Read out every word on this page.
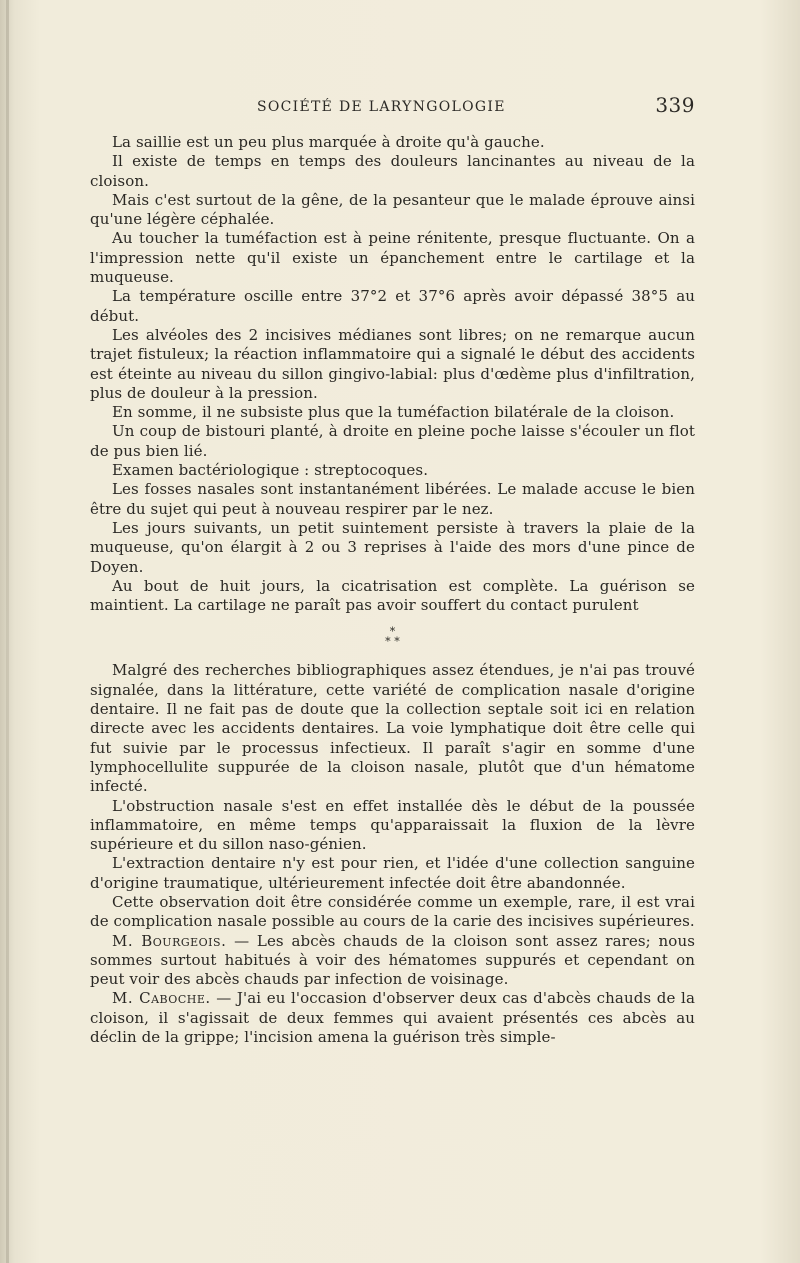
SOCIÉTÉ DE LARYNGOLOGIE	339

La saillie est un peu plus marquée à droite qu'à gauche.

Il existe de temps en temps des douleurs lancinantes au niveau de la cloison.

Mais c'est surtout de la gêne, de la pesanteur que le malade éprouve ainsi qu'une légère céphalée.

Au toucher la tuméfaction est à peine rénitente, presque fluctuante. On a l'impression nette qu'il existe un épanchement entre le cartilage et la muqueuse.

La température oscille entre 37°2 et 37°6 après avoir dépassé 38°5 au début.

Les alvéoles des 2 incisives médianes sont libres; on ne remarque aucun trajet fistuleux; la réaction inflammatoire qui a signalé le début des accidents est éteinte au niveau du sillon gingivo-labial: plus d'œdème plus d'infiltration, plus de douleur à la pression.

En somme, il ne subsiste plus que la tuméfaction bilatérale de la cloison.

Un coup de bistouri planté, à droite en pleine poche laisse s'écouler un flot de pus bien lié.

Examen bactériologique : streptocoques.

Les fosses nasales sont instantanément libérées. Le malade accuse le bien être du sujet qui peut à nouveau respirer par le nez.

Les jours suivants, un petit suintement persiste à travers la plaie de la muqueuse, qu'on élargit à 2 ou 3 reprises à l'aide des mors d'une pince de Doyen.

Au bout de huit jours, la cicatrisation est complète. La guérison se maintient. La cartilage ne paraît pas avoir souffert du contact purulent

*
* *

Malgré des recherches bibliographiques assez étendues, je n'ai pas trouvé signalée, dans la littérature, cette variété de complication nasale d'origine dentaire. Il ne fait pas de doute que la collection septale soit ici en relation directe avec les accidents dentaires. La voie lymphatique doit être celle qui fut suivie par le processus infectieux. Il paraît s'agir en somme d'une lymphocellulite suppurée de la cloison nasale, plutôt que d'un hématome infecté.

L'obstruction nasale s'est en effet installée dès le début de la poussée inflammatoire, en même temps qu'apparaissait la fluxion de la lèvre supérieure et du sillon naso-génien.

L'extraction dentaire n'y est pour rien, et l'idée d'une collection sanguine d'origine traumatique, ultérieurement infectée doit être abandonnée.

Cette observation doit être considérée comme un exemple, rare, il est vrai de complication nasale possible au cours de la carie des incisives supérieures.

M. Bourgeois. — Les abcès chauds de la cloison sont assez rares; nous sommes surtout habitués à voir des hématomes suppurés et cependant on peut voir des abcès chauds par infection de voisinage.

M. Caboche. — J'ai eu l'occasion d'observer deux cas d'abcès chauds de la cloison, il s'agissait de deux femmes qui avaient présentés ces abcès au déclin de la grippe; l'incision amena la guérison très simple-
